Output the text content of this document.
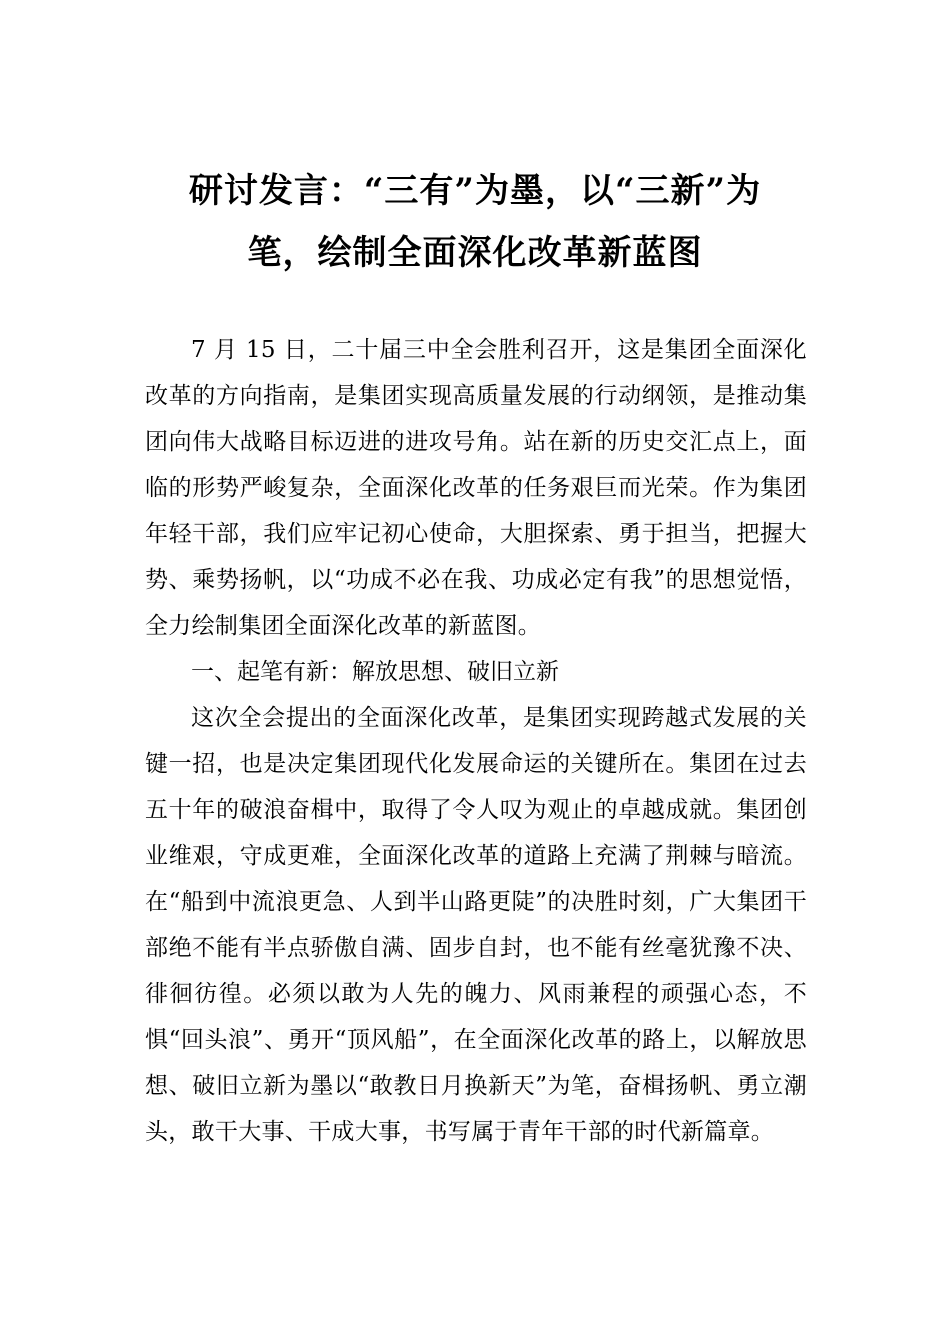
研讨发言：“三有”为墨，以“三新”为
笔，绘制全面深化改革新蓝图

7 月 15 日，二十届三中全会胜利召开，这是集团全面深化改革的方向指南，是集团实现高质量发展的行动纲领，是推动集团向伟大战略目标迈进的进攻号角。站在新的历史交汇点上，面临的形势严峻复杂，全面深化改革的任务艰巨而光荣。作为集团年轻干部，我们应牢记初心使命，大胆探索、勇于担当，把握大势、乘势扬帆，以“功成不必在我、功成必定有我”的思想觉悟，全力绘制集团全面深化改革的新蓝图。

一、起笔有新：解放思想、破旧立新

这次全会提出的全面深化改革，是集团实现跨越式发展的关键一招，也是决定集团现代化发展命运的关键所在。集团在过去五十年的破浪奋楫中，取得了令人叹为观止的卓越成就。集团创业维艰，守成更难，全面深化改革的道路上充满了荆棘与暗流。在“船到中流浪更急、人到半山路更陡”的决胜时刻，广大集团干部绝不能有半点骄傲自满、固步自封，也不能有丝毫犹豫不决、徘徊彷徨。必须以敢为人先的魄力、风雨兼程的顽强心态，不惧“回头浪”、勇开“顶风船”，在全面深化改革的路上，以解放思想、破旧立新为墨以“敢教日月换新天”为笔，奋楫扬帆、勇立潮头，敢干大事、干成大事，书写属于青年干部的时代新篇章。
